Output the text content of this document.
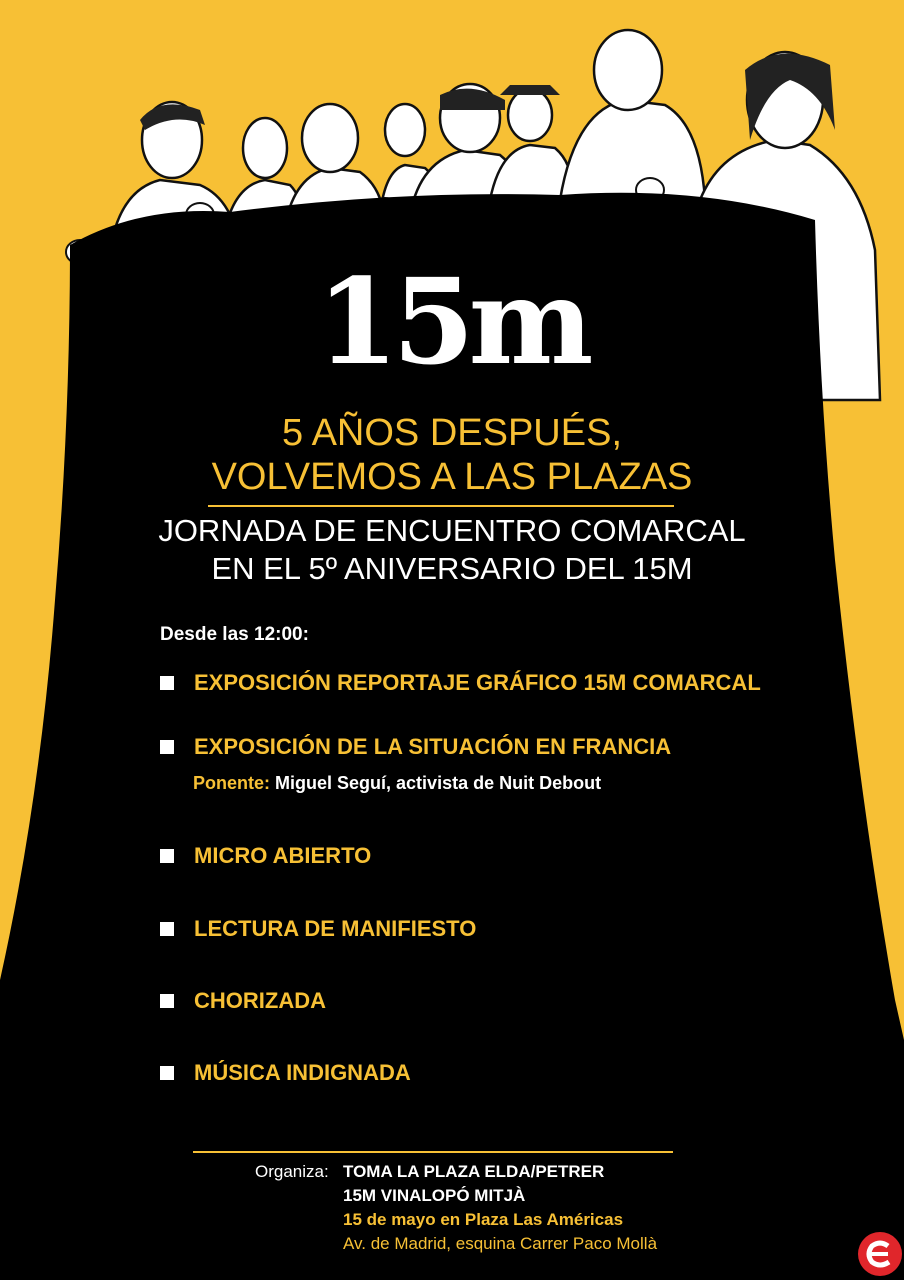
15m
5 AÑOS DESPUÉS,
VOLVEMOS A LAS PLAZAS
JORNADA DE ENCUENTRO COMARCAL
EN EL 5º ANIVERSARIO DEL 15M
Desde las 12:00:
EXPOSICIÓN REPORTAJE GRÁFICO 15M COMARCAL
EXPOSICIÓN DE LA SITUACIÓN EN FRANCIA
Ponente: Miguel Seguí, activista de Nuit Debout
MICRO ABIERTO
LECTURA DE MANIFIESTO
CHORIZADA
MÚSICA INDIGNADA
Organiza: TOMA LA PLAZA ELDA/PETRER
15M VINALOPÓ MITJÀ
15 de mayo en Plaza Las Américas
Av. de Madrid, esquina Carrer Paco Mollà
